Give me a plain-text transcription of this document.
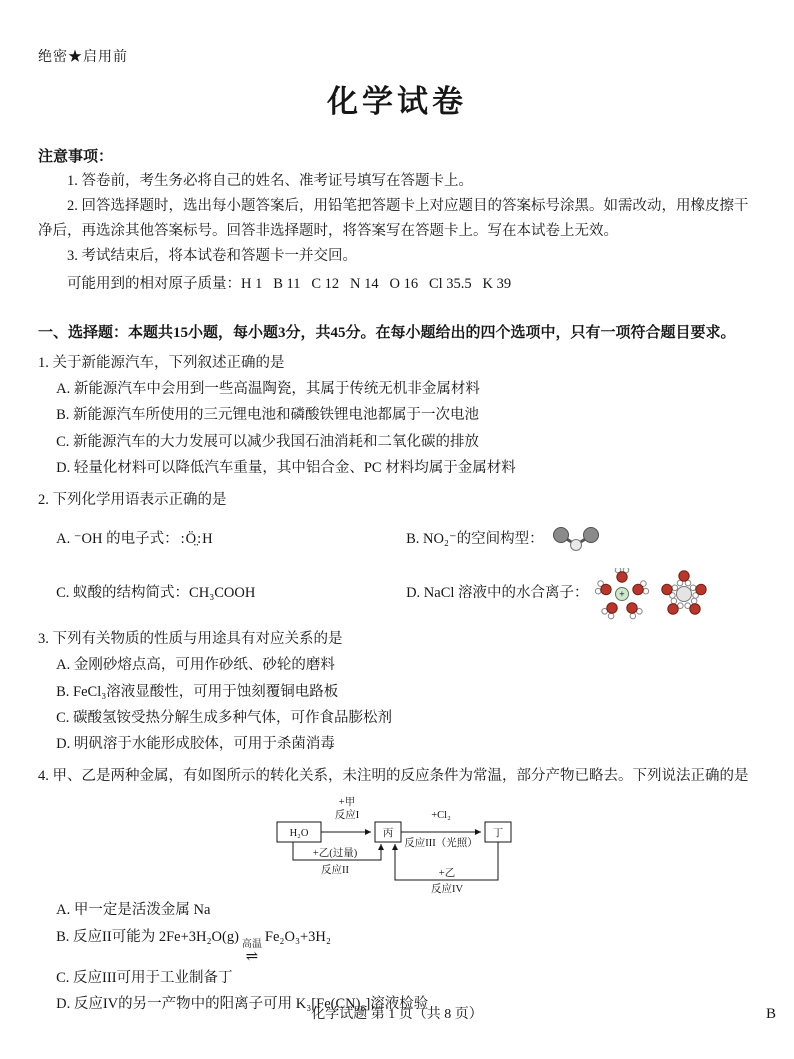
绝密★启用前
化学试卷
注意事项：

1. 答卷前，考生务必将自己的姓名、准考证号填写在答题卡上。

2. 回答选择题时，选出每小题答案后，用铅笔把答题卡上对应题目的答案标号涂黑。如需改动，用橡皮擦干净后，再选涂其他答案标号。回答非选择题时，将答案写在答题卡上。写在本试卷上无效。

3. 考试结束后，将本试卷和答题卡一并交回。

可能用到的相对原子质量：H 1   B 11   C 12   N 14   O 16   Cl 35.5   K 39
一、选择题：本题共15小题，每小题3分，共45分。在每小题给出的四个选项中，只有一项符合题目要求。
1. 关于新能源汽车，下列叙述正确的是
A. 新能源汽车中会用到一些高温陶瓷，其属于传统无机非金属材料
B. 新能源汽车所使用的三元锂电池和磷酸铁锂电池都属于一次电池
C. 新能源汽车的大力发展可以减少我国石油消耗和二氧化碳的排放
D. 轻量化材料可以降低汽车重量，其中铝合金、PC 材料均属于金属材料
2. 下列化学用语表示正确的是
A. ⁻OH 的电子式： :Ö̤:H	B. NO₂⁻的空间构型：
C. 蚁酸的结构简式：CH₃COOH	D. NaCl 溶液中的水合离子：	+
3. 下列有关物质的性质与用途具有对应关系的是
A. 金刚砂熔点高，可用作砂纸、砂轮的磨料
B. FeCl₃溶液显酸性，可用于蚀刻覆铜电路板
C. 碳酸氢铵受热分解生成多种气体，可作食品膨松剂
D. 明矾溶于水能形成胶体，可用于杀菌消毒
4. 甲、乙是两种金属，有如图所示的转化关系，未注明的反应条件为常温，部分产物已略去。下列说法正确的是
H₂O	丙	丁
+甲
反应I	+Cl₂
反应III（光照）
+乙(过量)
反应II	+乙
反应IV
A. 甲一定是活泼金属 Na
B. 反应II可能为 2Fe+3H₂O(g) 高温
⇌
Fe₂O₃+3H₂
C. 反应III可用于工业制备丁
D. 反应IV的另一产物中的阳离子可用 K₃[Fe(CN)₆]溶液检验
化学试题 第 1 页（共 8 页）	B
